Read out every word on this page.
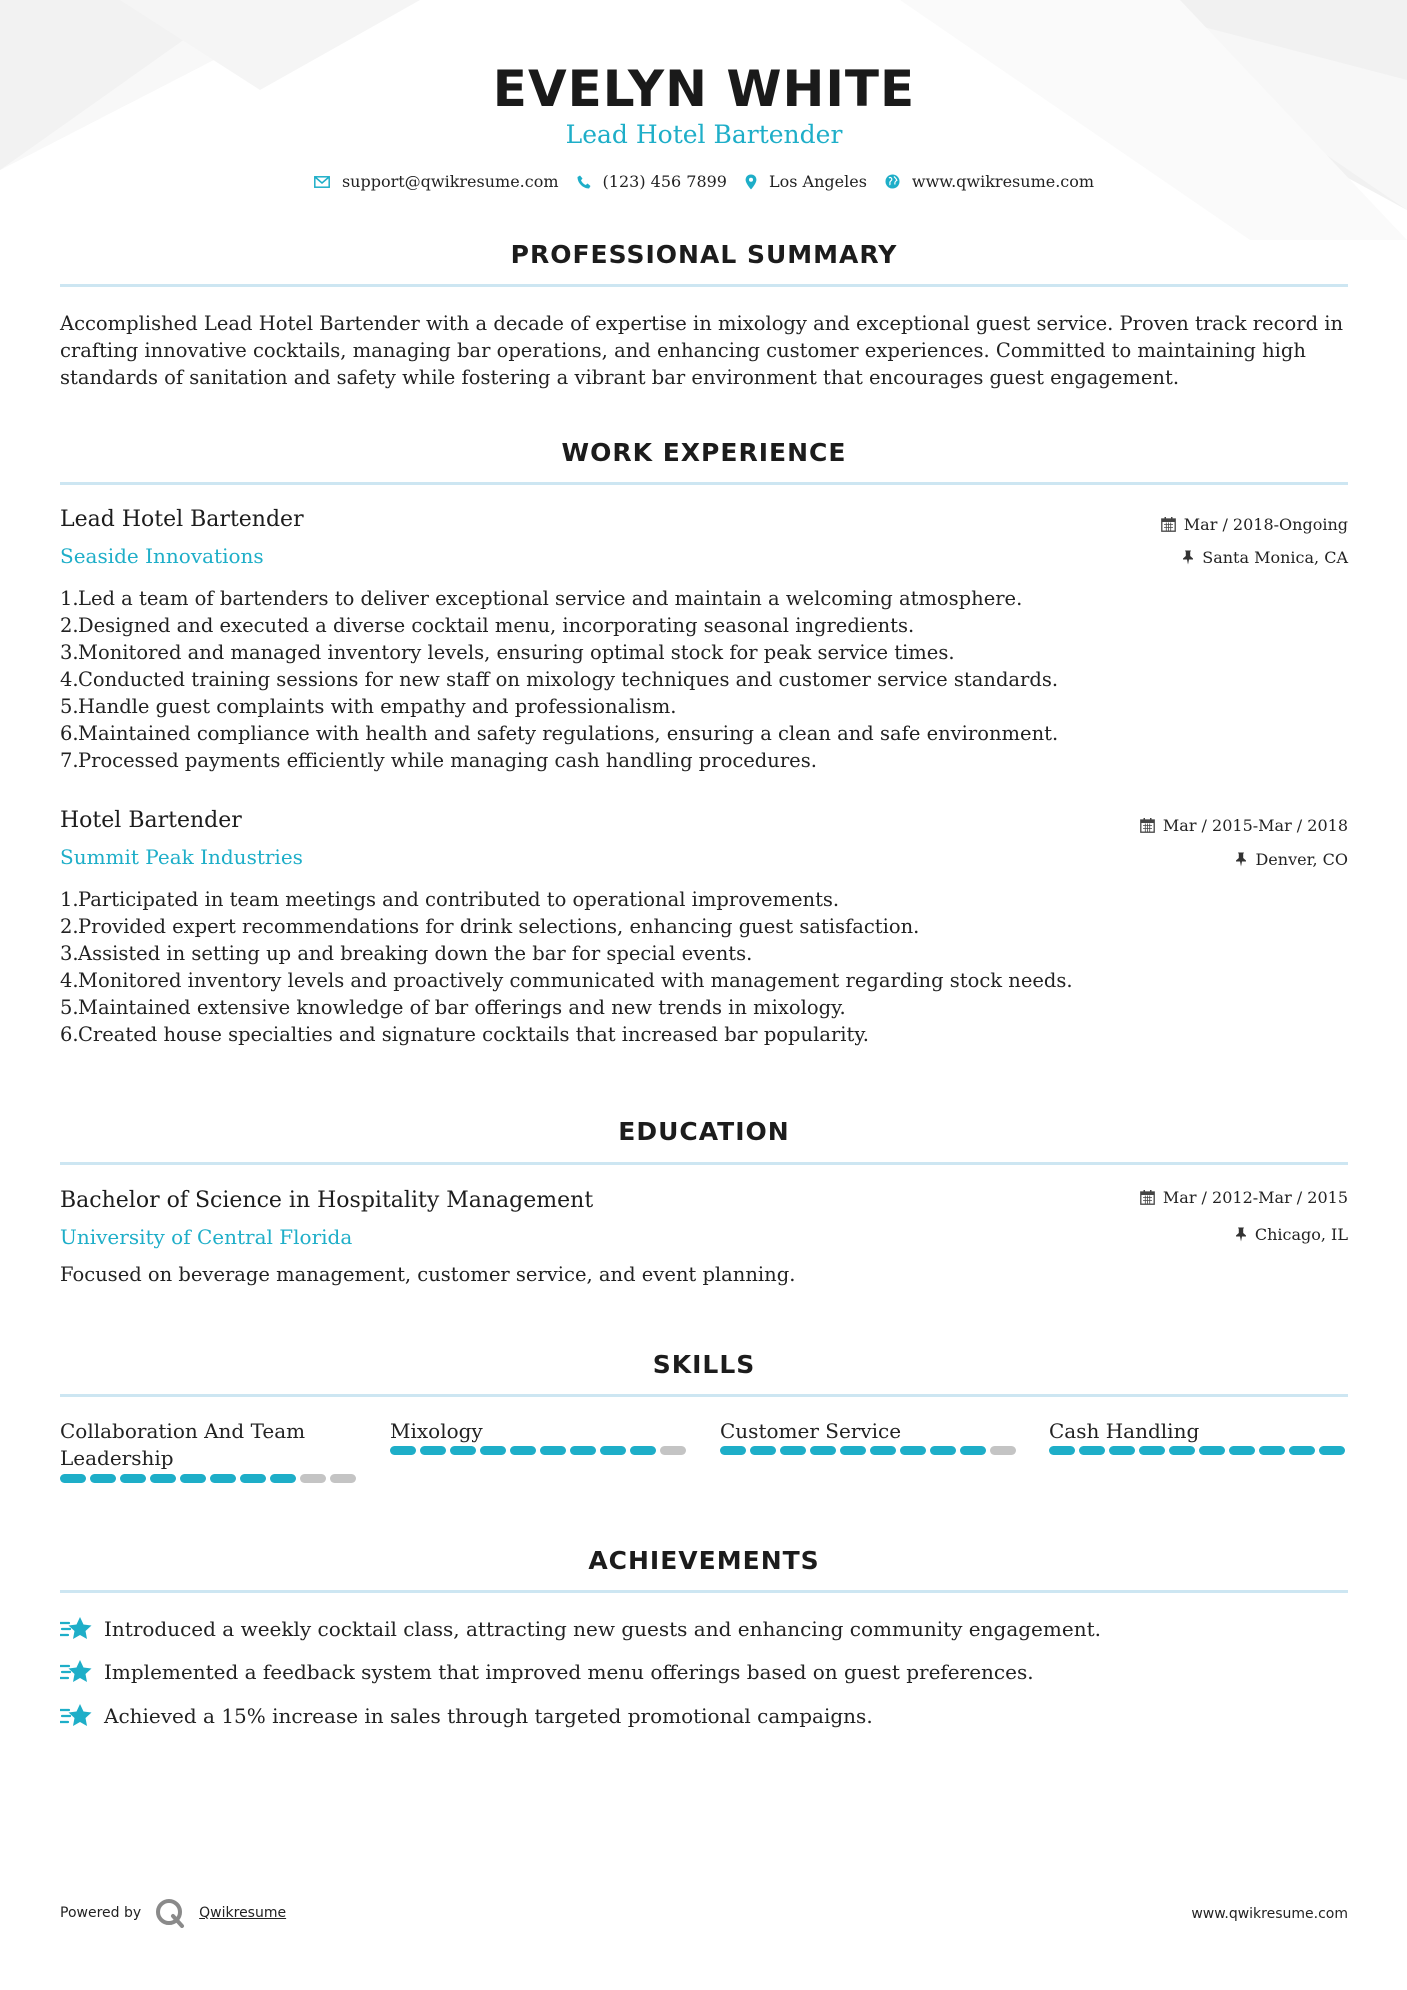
EVELYN WHITE
Lead Hotel Bartender
support@qwikresume.com	(123) 456 7899	Los Angeles	www.qwikresume.com
PROFESSIONAL SUMMARY
Accomplished Lead Hotel Bartender with a decade of expertise in mixology and exceptional guest service. Proven track record in crafting innovative cocktails, managing bar operations, and enhancing customer experiences. Committed to maintaining high standards of sanitation and safety while fostering a vibrant bar environment that encourages guest engagement.
WORK EXPERIENCE
Lead Hotel Bartender
Seaside Innovations
Mar / 2018-Ongoing
Santa Monica, CA
1. Led a team of bartenders to deliver exceptional service and maintain a welcoming atmosphere.
2. Designed and executed a diverse cocktail menu, incorporating seasonal ingredients.
3. Monitored and managed inventory levels, ensuring optimal stock for peak service times.
4. Conducted training sessions for new staff on mixology techniques and customer service standards.
5. Handle guest complaints with empathy and professionalism.
6. Maintained compliance with health and safety regulations, ensuring a clean and safe environment.
7. Processed payments efficiently while managing cash handling procedures.
Hotel Bartender
Summit Peak Industries
Mar / 2015-Mar / 2018
Denver, CO
1. Participated in team meetings and contributed to operational improvements.
2. Provided expert recommendations for drink selections, enhancing guest satisfaction.
3. Assisted in setting up and breaking down the bar for special events.
4. Monitored inventory levels and proactively communicated with management regarding stock needs.
5. Maintained extensive knowledge of bar offerings and new trends in mixology.
6. Created house specialties and signature cocktails that increased bar popularity.
EDUCATION
Bachelor of Science in Hospitality Management
University of Central Florida
Mar / 2012-Mar / 2015
Chicago, IL
Focused on beverage management, customer service, and event planning.
SKILLS
Collaboration And Team Leadership
Mixology	Customer Service	Cash Handling
ACHIEVEMENTS
Introduced a weekly cocktail class, attracting new guests and enhancing community engagement.
Implemented a feedback system that improved menu offerings based on guest preferences.
Achieved a 15% increase in sales through targeted promotional campaigns.
Powered by	Qwikresume	www.qwikresume.com
